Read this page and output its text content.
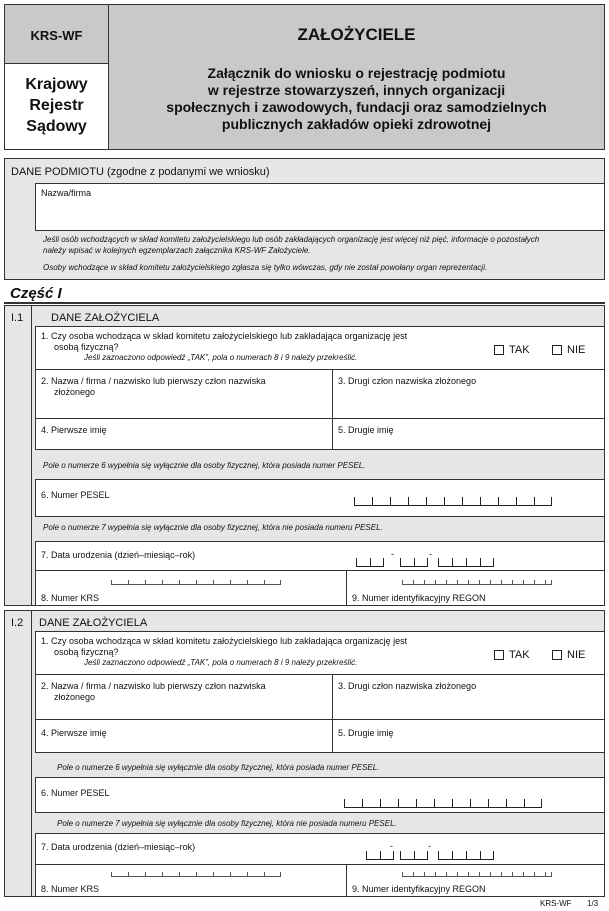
KRS-WF
Krajowy
Rejestr
Sądowy
ZAŁOŻYCIELE
Załącznik do wniosku o rejestrację podmiotu
w rejestrze stowarzyszeń, innych organizacji
społecznych i zawodowych, fundacji oraz samodzielnych
publicznych zakładów opieki zdrowotnej
DANE PODMIOTU (zgodne z podanymi we wniosku)
Nazwa/firma
Jeśli osób wchodzących w skład komitetu założycielskiego lub osób zakładających organizację jest więcej niż pięć, informacje o pozostałych
należy wpisać w kolejnych egzemplarzach załącznika KRS-WF Założyciele.
Osoby wchodzące w skład komitetu założycielskiego zgłasza się tylko wówczas, gdy nie został powołany organ reprezentacji.
Część I
I.1	DANE ZAŁOŻYCIELA
1. Czy osoba wchodząca w skład komitetu założycielskiego lub zakładająca organizację jest
osobą fizyczną?
Jeśli zaznaczono odpowiedź „TAK”, pola o numerach 8 i 9 należy przekreślić.
TAK	NIE
2. Nazwa / firma / nazwisko lub pierwszy człon nazwiska
złożonego
3. Drugi człon nazwiska złożonego
4. Pierwsze imię	5. Drugie imię
Pole o numerze 6 wypełnia się wyłącznie dla osoby fizycznej, która posiada numer PESEL.
6. Numer PESEL
Pole o numerze 7 wypełnia się wyłącznie dla osoby fizycznej, która nie posiada numeru PESEL.
7. Data urodzenia (dzień–miesiąc–rok)	-	-
8. Numer KRS	9. Numer identyfikacyjny REGON
I.2 DANE ZAŁOŻYCIELA
1. Czy osoba wchodząca w skład komitetu założycielskiego lub zakładająca organizację jest
osobą fizyczną?
Jeśli zaznaczono odpowiedź „TAK”, pola o numerach 8 i 9 należy przekreślić.
TAK	NIE
2. Nazwa / firma / nazwisko lub pierwszy człon nazwiska
złożonego
3. Drugi człon nazwiska złożonego
4. Pierwsze imię	5. Drugie imię
Pole o numerze 6 wypełnia się wyłącznie dla osoby fizycznej, która posiada numer PESEL.
6. Numer PESEL
Pole o numerze 7 wypełnia się wyłącznie dla osoby fizycznej, która nie posiada numeru PESEL.
7. Data urodzenia (dzień–miesiąc–rok)	-	-
8. Numer KRS	9. Numer identyfikacyjny REGON
KRS-WF 1/3
